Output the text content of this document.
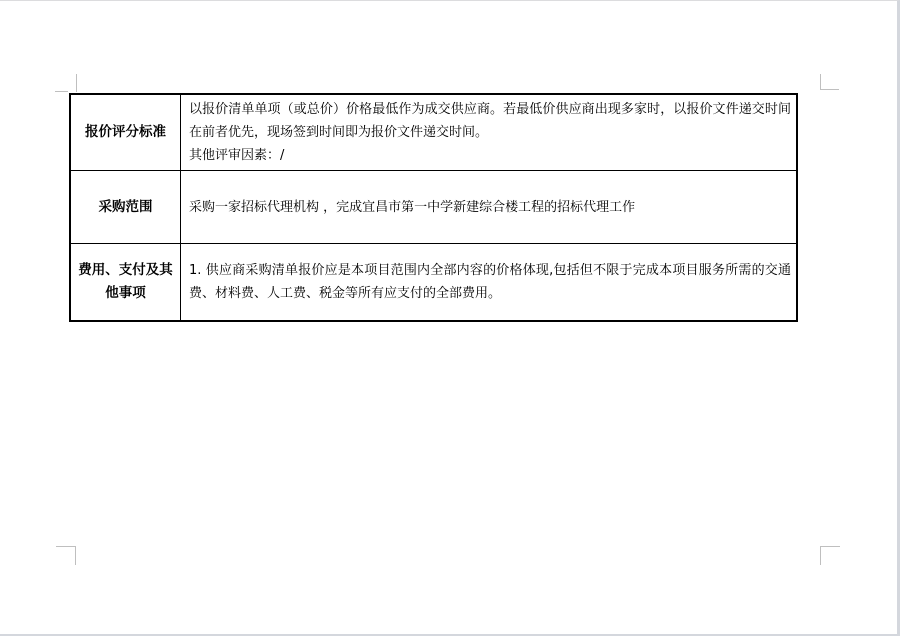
报价评分标准

以报价清单单项（或总价）价格最低作为成交供应商。若最低价供应商出现多家时，以报价文件递交时间在前者优先，现场签到时间即为报价文件递交时间。

其他评审因素：/

采购范围	采购一家招标代理机构 ，完成宜昌市第一中学新建综合楼工程的招标代理工作

费用、支付及其他事项

1. 供应商采购清单报价应是本项目范围内全部内容的价格体现,包括但不限于完成本项目服务所需的交通费、材料费、人工费、税金等所有应支付的全部费用。
